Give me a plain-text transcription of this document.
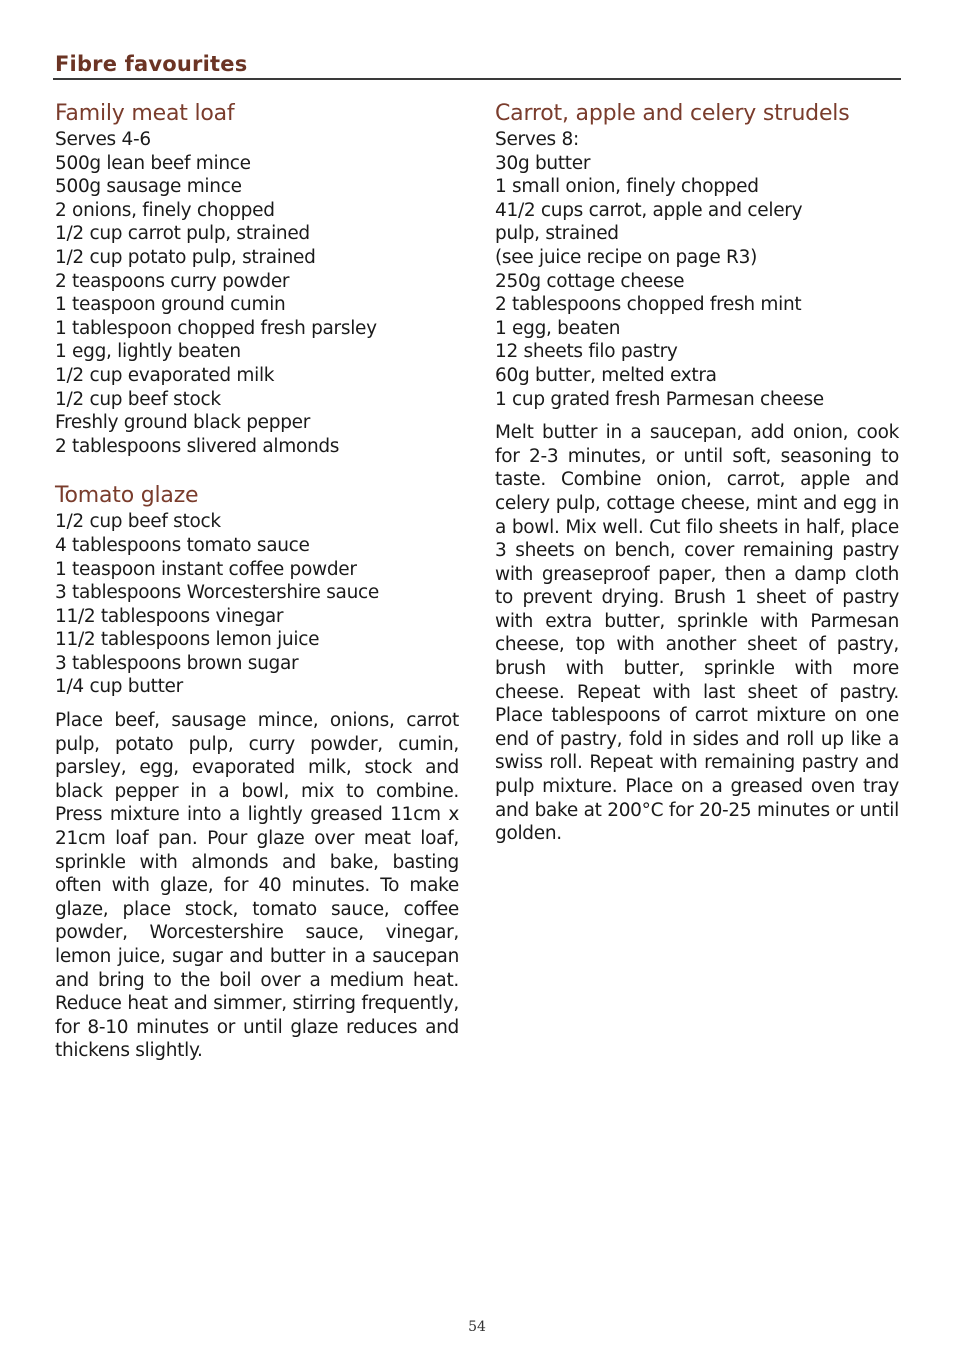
Fibre favourites
Family meat loaf
Serves 4-6
500g lean beef mince
500g sausage mince
2 onions, finely chopped
1/2 cup carrot pulp, strained
1/2 cup potato pulp, strained
2 teaspoons curry powder
1 teaspoon ground cumin
1 tablespoon chopped fresh parsley
1 egg, lightly beaten
1/2 cup evaporated milk
1/2 cup beef stock
Freshly ground black pepper
2 tablespoons slivered almonds
Tomato glaze
1/2 cup beef stock
4 tablespoons tomato sauce
1 teaspoon instant coffee powder
3 tablespoons Worcestershire sauce
11/2 tablespoons vinegar
11/2 tablespoons lemon juice
3 tablespoons brown sugar
1/4 cup butter

Place beef, sausage mince, onions, carrot pulp, potato pulp, curry powder, cumin, parsley, egg, evaporated milk, stock and black pepper in a bowl, mix to combine. Press mixture into a lightly greased 11cm x 21cm loaf pan. Pour glaze over meat loaf, sprinkle with almonds and bake, basting often with glaze, for 40 minutes. To make glaze, place stock, tomato sauce, coffee powder, Worcestershire sauce, vinegar, lemon juice, sugar and butter in a saucepan and bring to the boil over a medium heat. Reduce heat and simmer, stirring frequently, for 8-10 minutes or until glaze reduces and thickens slightly.

Carrot, apple and celery strudels
Serves 8:
30g butter
1 small onion, finely chopped
41/2 cups carrot, apple and celery
pulp, strained
(see juice recipe on page R3)
250g cottage cheese
2 tablespoons chopped fresh mint
1 egg, beaten
12 sheets filo pastry
60g butter, melted extra
1 cup grated fresh Parmesan cheese

Melt butter in a saucepan, add onion, cook for 2-3 minutes, or until soft, seasoning to taste. Combine onion, carrot, apple and celery pulp, cottage cheese, mint and egg in a bowl. Mix well. Cut filo sheets in half, place 3 sheets on bench, cover remaining pastry with greaseproof paper, then a damp cloth to prevent drying. Brush 1 sheet of pastry with extra butter, sprinkle with Parmesan cheese, top with another sheet of pastry, brush with butter, sprinkle with more cheese. Repeat with last sheet of pastry. Place tablespoons of carrot mixture on one end of pastry, fold in sides and roll up like a swiss roll. Repeat with remaining pastry and pulp mixture. Place on a greased oven tray and bake at 200°C for 20-25 minutes or until golden.

54
